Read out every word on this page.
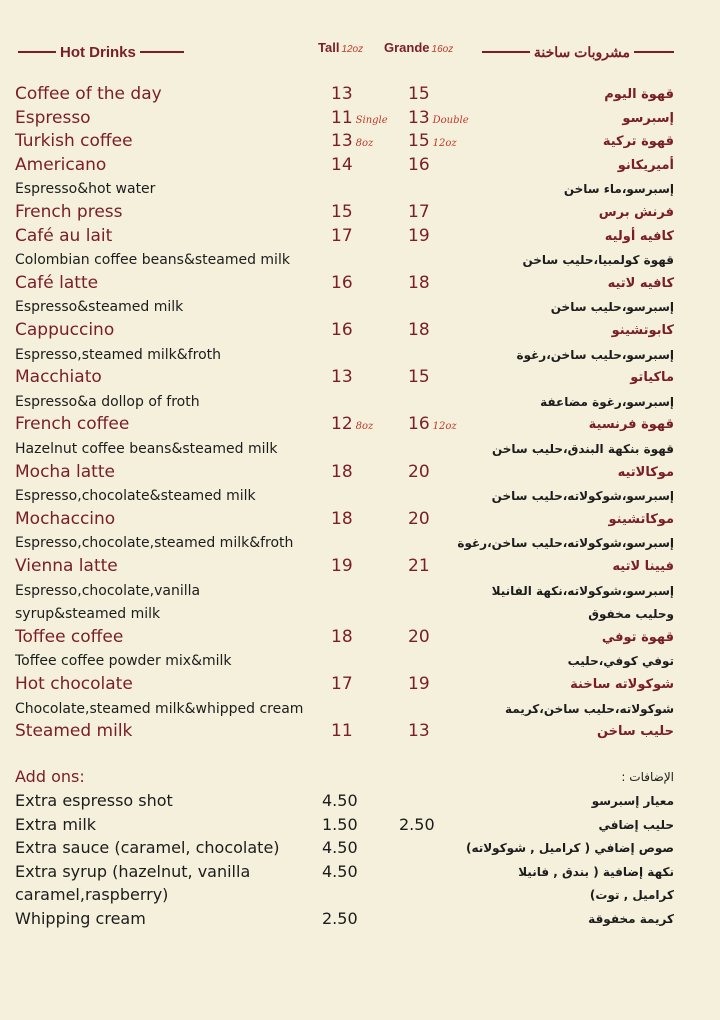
Hot Drinks	Tall 12oz Grande 16oz	مشروبات ساخنة
Coffee of the day	13	15	قهوة اليوم
Espresso	11 Single 13 Double	إسبرسو
Turkish coffee	13 8oz 15 12oz	قهوة تركية
Americano	14	16	أميريكانو
Espresso&hot water	إسبرسو،ماء ساخن
French press	15	17	فرنش برس
Café au lait	17	19	كافيه أوليه
Colombian coffee beans&steamed milk	قهوة كولمبيا،حليب ساخن
Café latte	16	18	كافيه لاتيه
Espresso&steamed milk	إسبرسو،حليب ساخن
Cappuccino	16	18	كابوتشينو
Espresso,steamed milk&froth	إسبرسو،حليب ساخن،رغوة
Macchiato	13	15	ماكياتو
Espresso&a dollop of froth	إسبرسو،رغوة مضاعفة
French coffee	12 8oz 16 12oz	قهوة فرنسية
Hazelnut coffee beans&steamed milk	قهوة بنكهة البندق،حليب ساخن
Mocha latte	18	20	موكالاتيه
Espresso,chocolate&steamed milk	إسبرسو،شوكولاته،حليب ساخن
Mochaccino	18	20	موكاتشينو
Espresso,chocolate,steamed milk&froth	إسبرسو،شوكولاته،حليب ساخن،رغوة
Vienna latte	19	21	فيينا لاتيه
Espresso,chocolate,vanilla	إسبرسو،شوكولاته،نكهة الفانيلا
syrup&steamed milk	وحليب مخفوق
Toffee coffee	18	20	قهوة توفي
Toffee coffee powder mix&milk	توفي كوفي،حليب
Hot chocolate	17	19	شوكولاته ساخنة
Chocolate,steamed milk&whipped cream	شوكولاته،حليب ساخن،كريمة
Steamed milk	11	13	حليب ساخن
Add ons:	الإضافات :
Extra espresso shot	4.50	معيار إسبرسو
Extra milk	1.50	2.50	حليب إضافي
Extra sauce (caramel, chocolate)	4.50	صوص إضافي ( كراميل , شوكولاته)
Extra syrup (hazelnut, vanilla	4.50	نكهة إضافية ( بندق , فانيلا
caramel,raspberry)	كراميل , توت)
Whipping cream	2.50	كريمة مخفوقة
